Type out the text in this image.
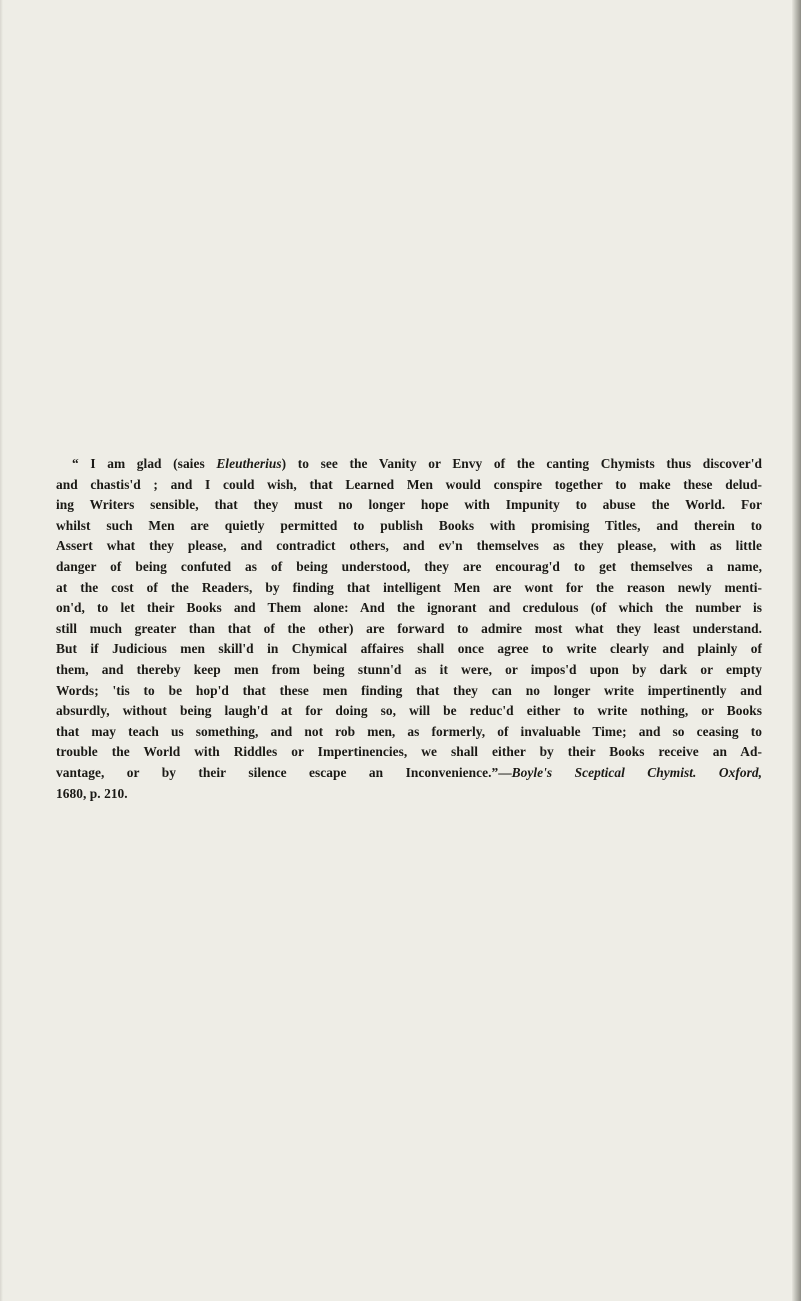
“ I am glad (saies Eleutherius) to see the Vanity or Envy of the canting Chymists thus discover'd
and chastis'd ; and I could wish, that Learned Men would conspire together to make these delud-
ing Writers sensible, that they must no longer hope with Impunity to abuse the World. For
whilst such Men are quietly permitted to publish Books with promising Titles, and therein to
Assert what they please, and contradict others, and ev'n themselves as they please, with as little
danger of being confuted as of being understood, they are encourag'd to get themselves a name,
at the cost of the Readers, by finding that intelligent Men are wont for the reason newly menti-
on'd, to let their Books and Them alone: And the ignorant and credulous (of which the number is
still much greater than that of the other) are forward to admire most what they least understand.
But if Judicious men skill'd in Chymical affaires shall once agree to write clearly and plainly of
them, and thereby keep men from being stunn'd as it were, or impos'd upon by dark or empty
Words; 'tis to be hop'd that these men finding that they can no longer write impertinently and
absurdly, without being laugh'd at for doing so, will be reduc'd either to write nothing, or Books
that may teach us something, and not rob men, as formerly, of invaluable Time; and so ceasing to
trouble the World with Riddles or Impertinencies, we shall either by their Books receive an Ad-
vantage, or by their silence escape an Inconvenience.”—Boyle's Sceptical Chymist. Oxford,
1680, p. 210.
